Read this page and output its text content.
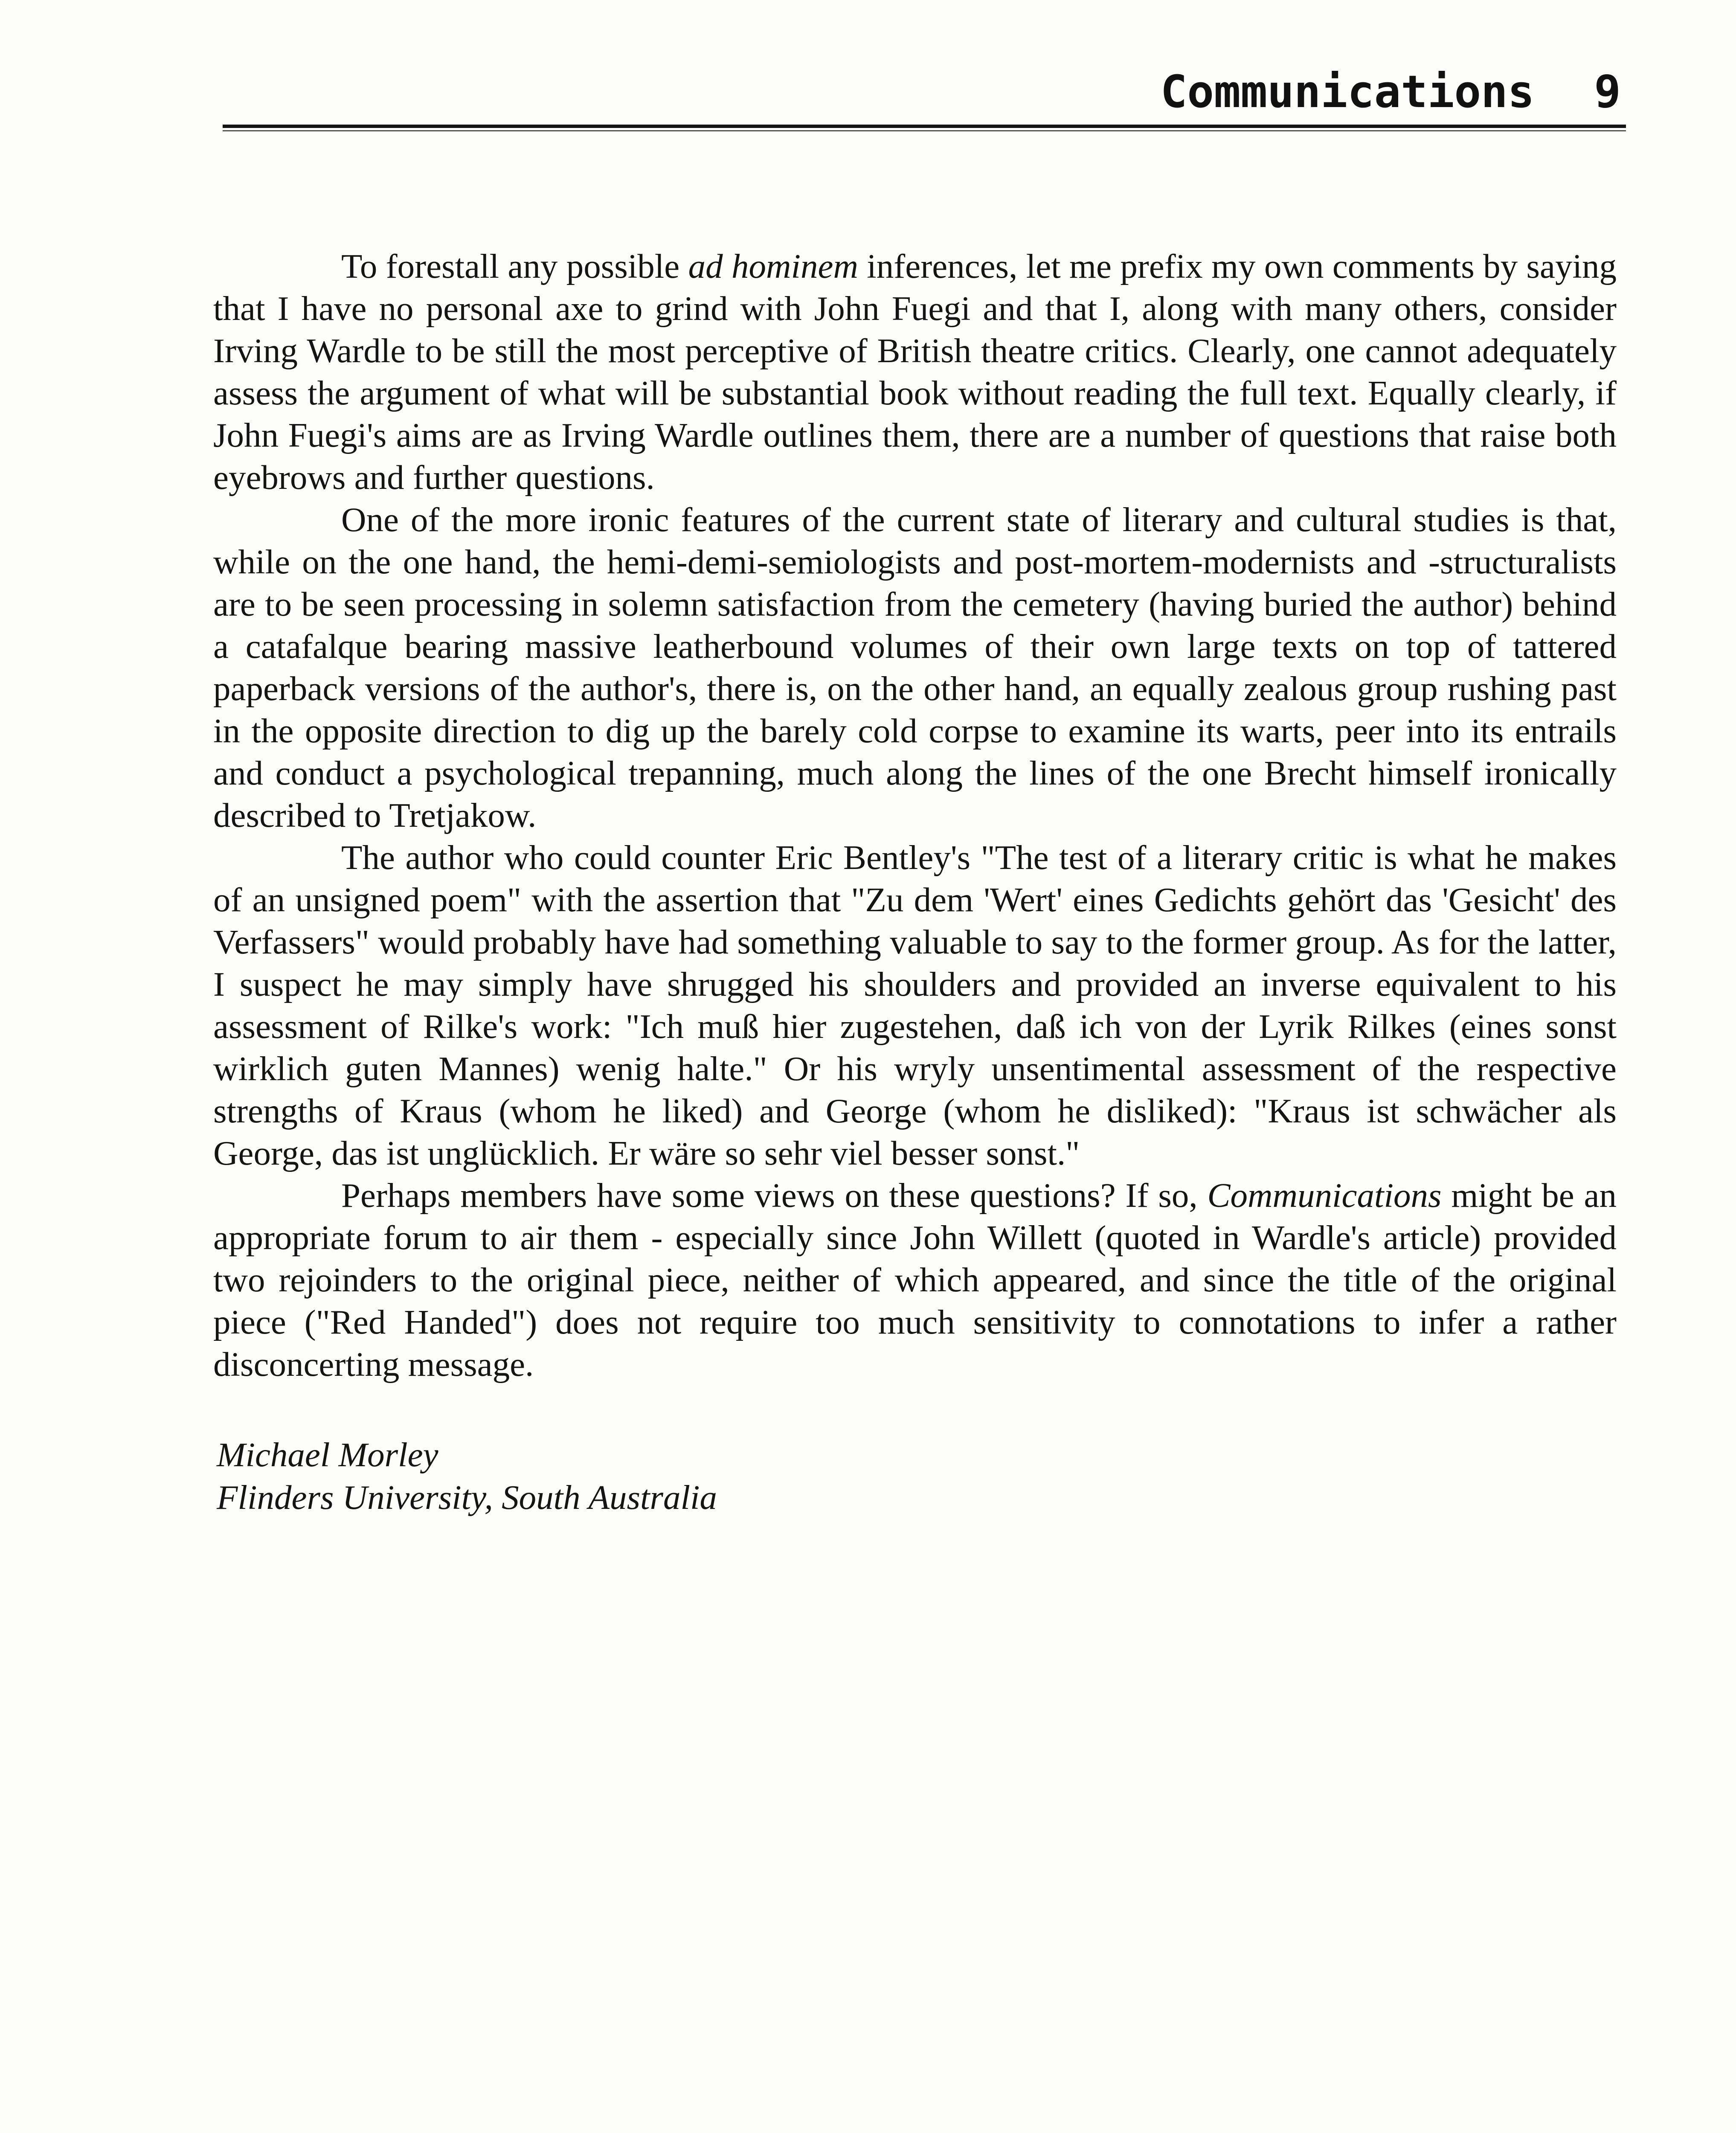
Communications 9

To forestall any possible ad hominem inferences, let me prefix my own comments by saying that I have no personal axe to grind with John Fuegi and that I, along with many others, consider Irving Wardle to be still the most perceptive of British theatre critics. Clearly, one cannot adequately assess the argument of what will be substantial book without reading the full text. Equally clearly, if John Fuegi's aims are as Irving Wardle outlines them, there are a number of questions that raise both eyebrows and further questions.

One of the more ironic features of the current state of literary and cultural studies is that, while on the one hand, the hemi-demi-semiologists and post-mortem-modernists and -structuralists are to be seen processing in solemn satisfaction from the cemetery (having buried the author) behind a catafalque bearing massive leatherbound volumes of their own large texts on top of tattered paperback versions of the author's, there is, on the other hand, an equally zealous group rushing past in the opposite direction to dig up the barely cold corpse to examine its warts, peer into its entrails and conduct a psychological trepanning, much along the lines of the one Brecht himself ironically described to Tretjakow.

The author who could counter Eric Bentley's "The test of a literary critic is what he makes of an unsigned poem" with the assertion that "Zu dem 'Wert' eines Gedichts gehört das 'Gesicht' des Verfassers" would probably have had something valuable to say to the former group. As for the latter, I suspect he may simply have shrugged his shoulders and provided an inverse equivalent to his assessment of Rilke's work: "Ich muß hier zugestehen, daß ich von der Lyrik Rilkes (eines sonst wirklich guten Mannes) wenig halte." Or his wryly unsentimental assessment of the respective strengths of Kraus (whom he liked) and George (whom he disliked): "Kraus ist schwächer als George, das ist unglücklich. Er wäre so sehr viel besser sonst."

Perhaps members have some views on these questions? If so, Communications might be an appropriate forum to air them - especially since John Willett (quoted in Wardle's article) provided two rejoinders to the original piece, neither of which appeared, and since the title of the original piece ("Red Handed") does not require too much sensitivity to connotations to infer a rather disconcerting message.

Michael Morley
Flinders University, South Australia
